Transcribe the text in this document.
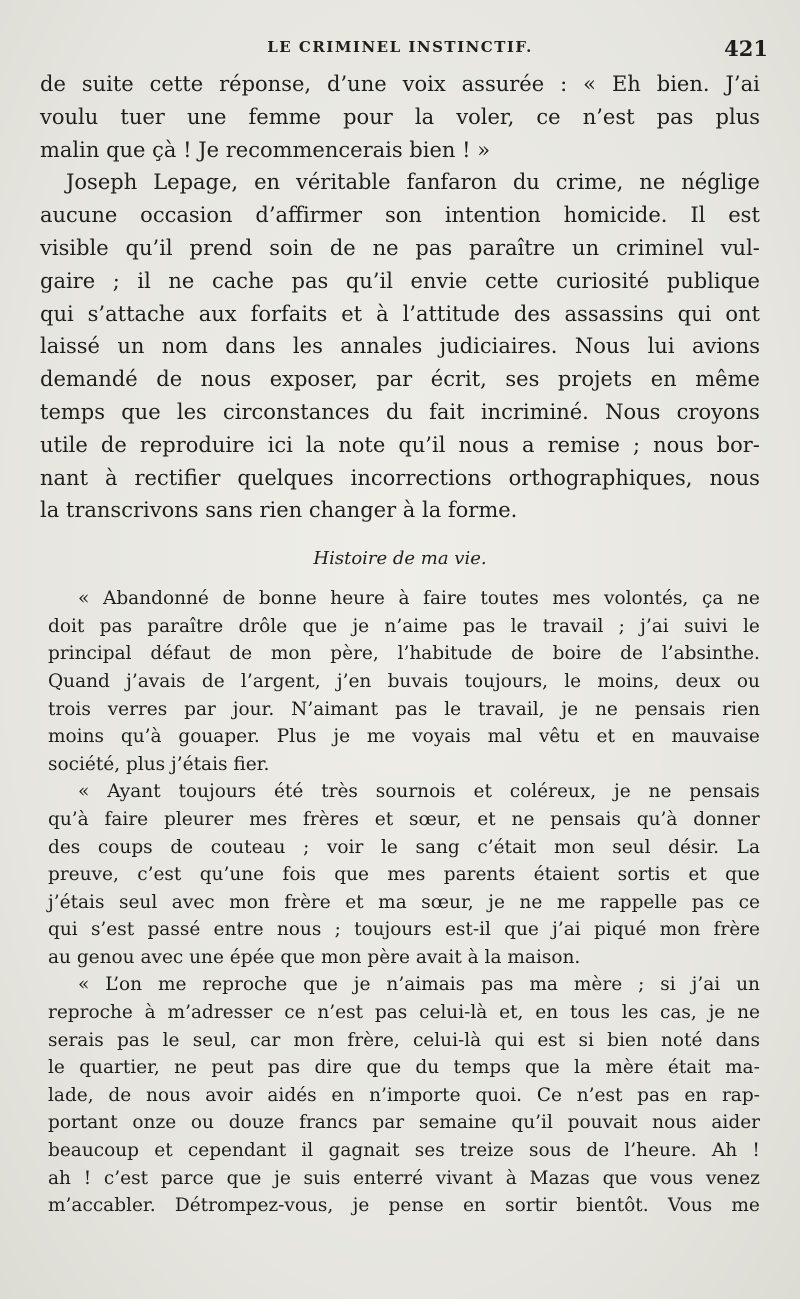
LE CRIMINEL INSTINCTIF.	421
de suite cette réponse, d’une voix assurée : « Eh bien. J’ai
voulu tuer une femme pour la voler, ce n’est pas plus
malin que çà ! Je recommencerais bien ! »
Joseph Lepage, en véritable fanfaron du crime, ne néglige
aucune occasion d’affirmer son intention homicide. Il est
visible qu’il prend soin de ne pas paraître un criminel vul-
gaire ; il ne cache pas qu’il envie cette curiosité publique
qui s’attache aux forfaits et à l’attitude des assassins qui ont
laissé un nom dans les annales judiciaires. Nous lui avions
demandé de nous exposer, par écrit, ses projets en même
temps que les circonstances du fait incriminé. Nous croyons
utile de reproduire ici la note qu’il nous a remise ; nous bor-
nant à rectifier quelques incorrections orthographiques, nous
la transcrivons sans rien changer à la forme.
Histoire de ma vie.
« Abandonné de bonne heure à faire toutes mes volontés, ça ne
doit pas paraître drôle que je n’aime pas le travail ; j’ai suivi le
principal défaut de mon père, l’habitude de boire de l’absinthe.
Quand j’avais de l’argent, j’en buvais toujours, le moins, deux ou
trois verres par jour. N’aimant pas le travail, je ne pensais rien
moins qu’à gouaper. Plus je me voyais mal vêtu et en mauvaise
société, plus j’étais fier.
« Ayant toujours été très sournois et coléreux, je ne pensais
qu’à faire pleurer mes frères et sœur, et ne pensais qu’à donner
des coups de couteau ; voir le sang c’était mon seul désir. La
preuve, c’est qu’une fois que mes parents étaient sortis et que
j’étais seul avec mon frère et ma sœur, je ne me rappelle pas ce
qui s’est passé entre nous ; toujours est-il que j’ai piqué mon frère
au genou avec une épée que mon père avait à la maison.
« L’on me reproche que je n’aimais pas ma mère ; si j’ai un
reproche à m’adresser ce n’est pas celui-là et, en tous les cas, je ne
serais pas le seul, car mon frère, celui-là qui est si bien noté dans
le quartier, ne peut pas dire que du temps que la mère était ma-
lade, de nous avoir aidés en n’importe quoi. Ce n’est pas en rap-
portant onze ou douze francs par semaine qu’il pouvait nous aider
beaucoup et cependant il gagnait ses treize sous de l’heure. Ah !
ah ! c’est parce que je suis enterré vivant à Mazas que vous venez
m’accabler. Détrompez-vous, je pense en sortir bientôt. Vous me
